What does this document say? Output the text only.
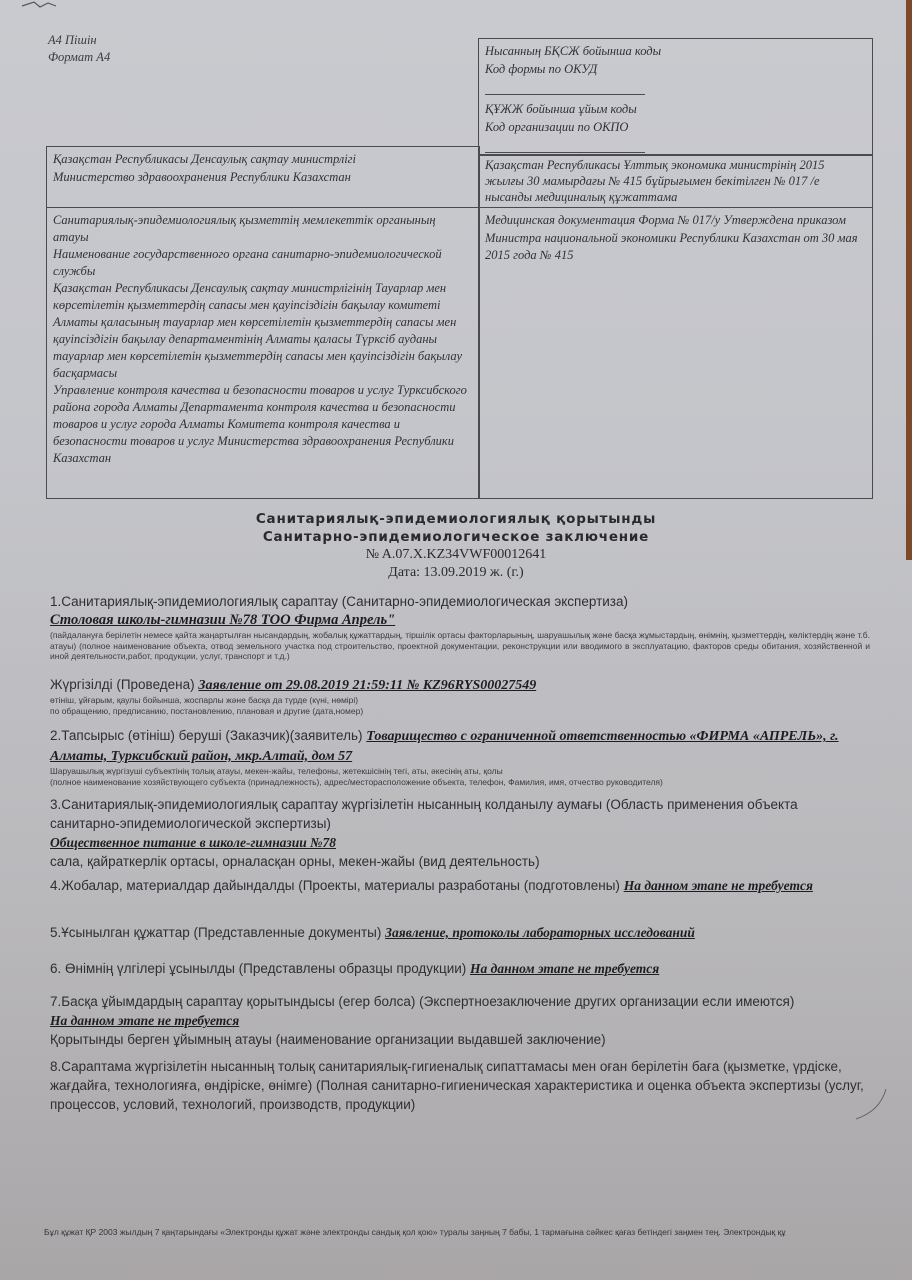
А4 Пішін
Формат А4	Нысанның БҚСЖ бойынша коды
Код формы по ОКУД
ҚҰЖЖ бойынша ұйым коды
Код организации по ОКПО
Қазақстан Республикасы Денсаулық сақтау министрлігі
Министерство здравоохранения Республики Казахстан
Қазақстан Республикасы Ұлттық экономика министрінің 2015 жылғы 30 мамырдағы № 415 бұйрығымен бекітілген № 017 /е нысанды медициналық құжаттама
Санитариялық-эпидемиологиялық қызметтің мемлекеттік органының атауы
Наименование государственного органа санитарно-эпидемиологической службы
Қазақстан Республикасы Денсаулық сақтау министрлігінің Тауарлар мен көрсетілетін қызметтердің сапасы мен қауіпсіздігін бақылау комитеті Алматы қаласының тауарлар мен көрсетілетін қызметтердің сапасы мен қауіпсіздігін бақылау департаментінің Алматы қаласы Түрксіб ауданы тауарлар мен көрсетілетін қызметтердің сапасы мен қауіпсіздігін бақылау басқармасы
Управление контроля качества и безопасности товаров и услуг Турксибского района города Алматы Департамента контроля качества и безопасности товаров и услуг города Алматы Комитета контроля качества и безопасности товаров и услуг Министерства здравоохранения Республики Казахстан
Медицинская документация Форма № 017/у Утверждена приказом Министра национальной экономики Республики Казахстан от 30 мая 2015 года № 415
Санитариялық-эпидемиологиялық қорытынды
Санитарно-эпидемиологическое заключение
№ A.07.X.KZ34VWF00012641
Дата: 13.09.2019 ж. (г.)
1.Санитариялық-эпидемиологиялық сараптау (Санитарно-эпидемиологическая экспертиза)
Столовая школы-гимназии №78 ТОО Фирма Апрель"
(пайдалануға берілетін немесе қайта жаңартылған нысандардың, жобалық құжаттардың, тіршілік ортасы факторларының, шаруашылық және басқа жұмыстардың, өнімнің, қызметтердің, көліктердің және т.б. атауы) (полное наименование объекта, отвод земельного участка под строительство, проектной документации, реконструкции или вводимого в эксплуатацию, факторов среды обитания, хозяйственной и иной деятельности,работ, продукции, услуг, транспорт и т.д.)
Жүргізілді (Проведена) Заявление от 29.08.2019 21:59:11 № KZ96RYS00027549
өтініш, ұйғарым, қаулы бойынша, жоспарлы және басқа да түрде (күні, нөмірі)
по обращению, предписанию, постановлению, плановая и другие (дата,номер)
2.Тапсырыс (өтініш) беруші (Заказчик)(заявитель) Товарищество с ограниченной ответственностью «ФИРМА «АПРЕЛЬ», г. Алматы, Турксибский район, мкр.Алтай, дом 57
Шаруашылық жүргізуші субъектінің толық атауы, мекен-жайы, телефоны, жетекшісінің тегі, аты, әкесінің аты, қолы
(полное наименование хозяйствующего субъекта (принадлежность), адрес/месторасположение объекта, телефон, Фамилия, имя, отчество руководителя)
3.Санитариялық-эпидемиологиялық сараптау жүргізілетін нысанның колданылу аумағы (Область применения объекта санитарно-эпидемиологической экспертизы)
Общественное питание в школе-гимназии №78
сала, қайраткерлік ортасы, орналасқан орны, мекен-жайы (вид деятельность)
4.Жобалар, материалдар дайындалды (Проекты, материалы разработаны (подготовлены) На данном этапе не требуется
5.Ұсынылган құжаттар (Представленные документы) Заявление, протоколы лабораторных исследований
6. Өнімнің үлгілері ұсынылды (Представлены образцы продукции) На данном этапе не требуется
7.Басқа ұйымдардың сараптау қорытындысы (егер болса) (Экспертноезаключение других организации если имеются)
На данном этапе не требуется
Қорытынды берген ұйымның атауы (наименование организации выдавшей заключение)
8.Сараптама жүргізілетін нысанның толық санитариялық-гигиеналық сипаттамасы мен оған берілетін баға (қызметке, үрдіске, жағдайға, технологияға, өндіріске, өнімге) (Полная санитарно-гигиеническая характеристика и оценка объекта экспертизы (услуг, процессов, условий, технологий, производств, продукции)
Бұл құжат ҚР 2003 жылдың 7 қаңтарындағы «Электронды құжат және электронды сандық қол қою» туралы заңның 7 бабы, 1 тармағына сәйкес қағаз бетіндегі заңмен тең. Электрондық құ
